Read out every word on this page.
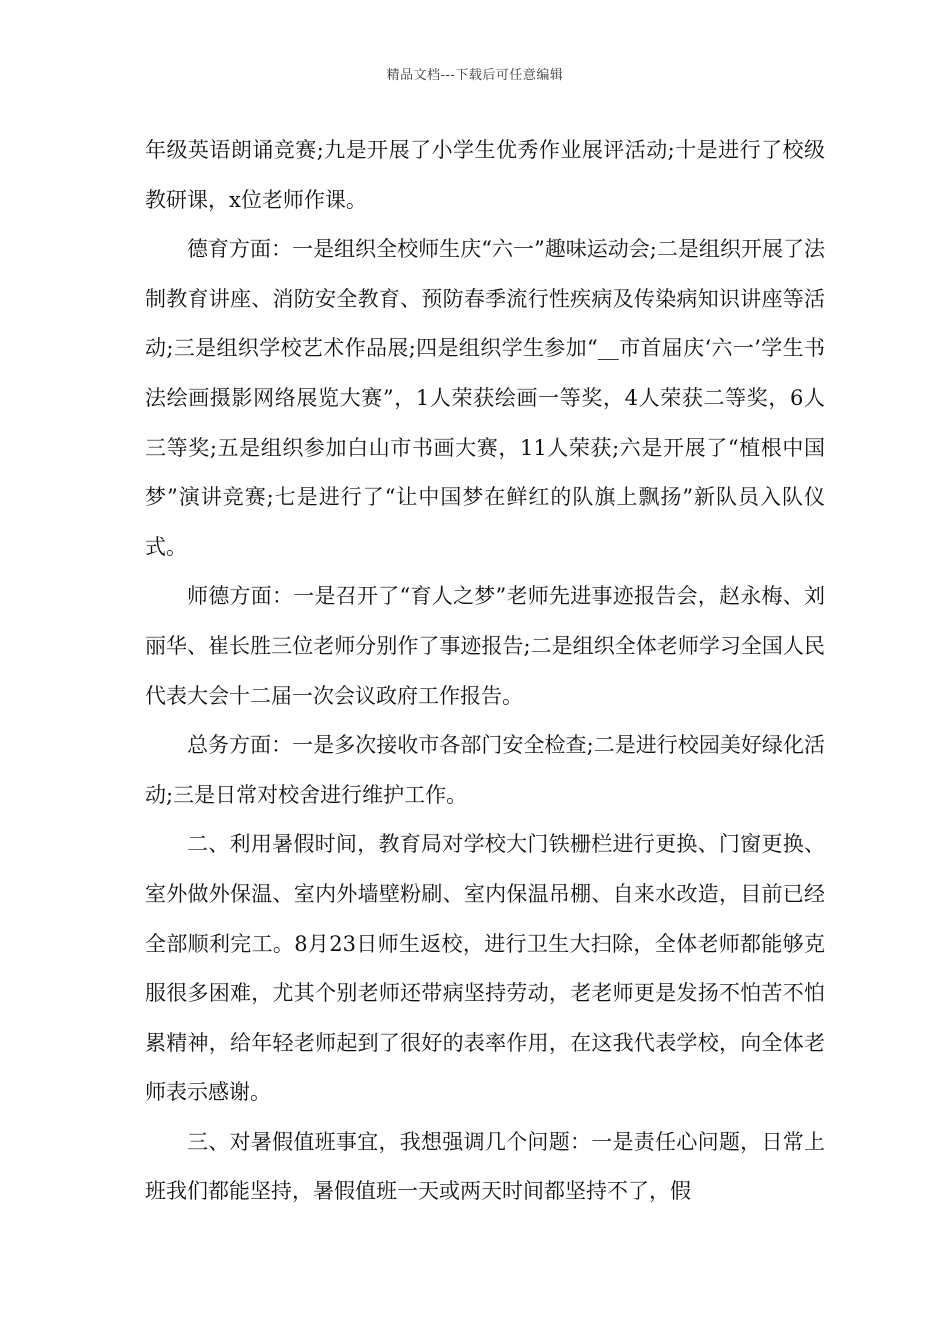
精品文档---下载后可任意编辑

年级英语朗诵竞赛;九是开展了小学生优秀作业展评活动;十是进行了校级教研课，x位老师作课。

德育方面：一是组织全校师生庆“六一”趣味运动会;二是组织开展了法制教育讲座、消防安全教育、预防春季流行性疾病及传染病知识讲座等活动;三是组织学校艺术作品展;四是组织学生参加“__市首届庆‘六一’学生书法绘画摄影网络展览大赛”，1人荣获绘画一等奖，4人荣获二等奖，6人三等奖;五是组织参加白山市书画大赛，11人荣获;六是开展了“植根中国梦”演讲竞赛;七是进行了“让中国梦在鲜红的队旗上飘扬”新队员入队仪式。

师德方面：一是召开了“育人之梦”老师先进事迹报告会，赵永梅、刘丽华、崔长胜三位老师分别作了事迹报告;二是组织全体老师学习全国人民代表大会十二届一次会议政府工作报告。

总务方面：一是多次接收市各部门安全检查;二是进行校园美好绿化活动;三是日常对校舍进行维护工作。

二、利用暑假时间，教育局对学校大门铁栅栏进行更换、门窗更换、室外做外保温、室内外墙壁粉刷、室内保温吊棚、自来水改造，目前已经全部顺利完工。8月23日师生返校，进行卫生大扫除，全体老师都能够克服很多困难，尤其个别老师还带病坚持劳动，老老师更是发扬不怕苦不怕累精神，给年轻老师起到了很好的表率作用，在这我代表学校，向全体老师表示感谢。

三、对暑假值班事宜，我想强调几个问题：一是责任心问题，日常上班我们都能坚持，暑假值班一天或两天时间都坚持不了，假
